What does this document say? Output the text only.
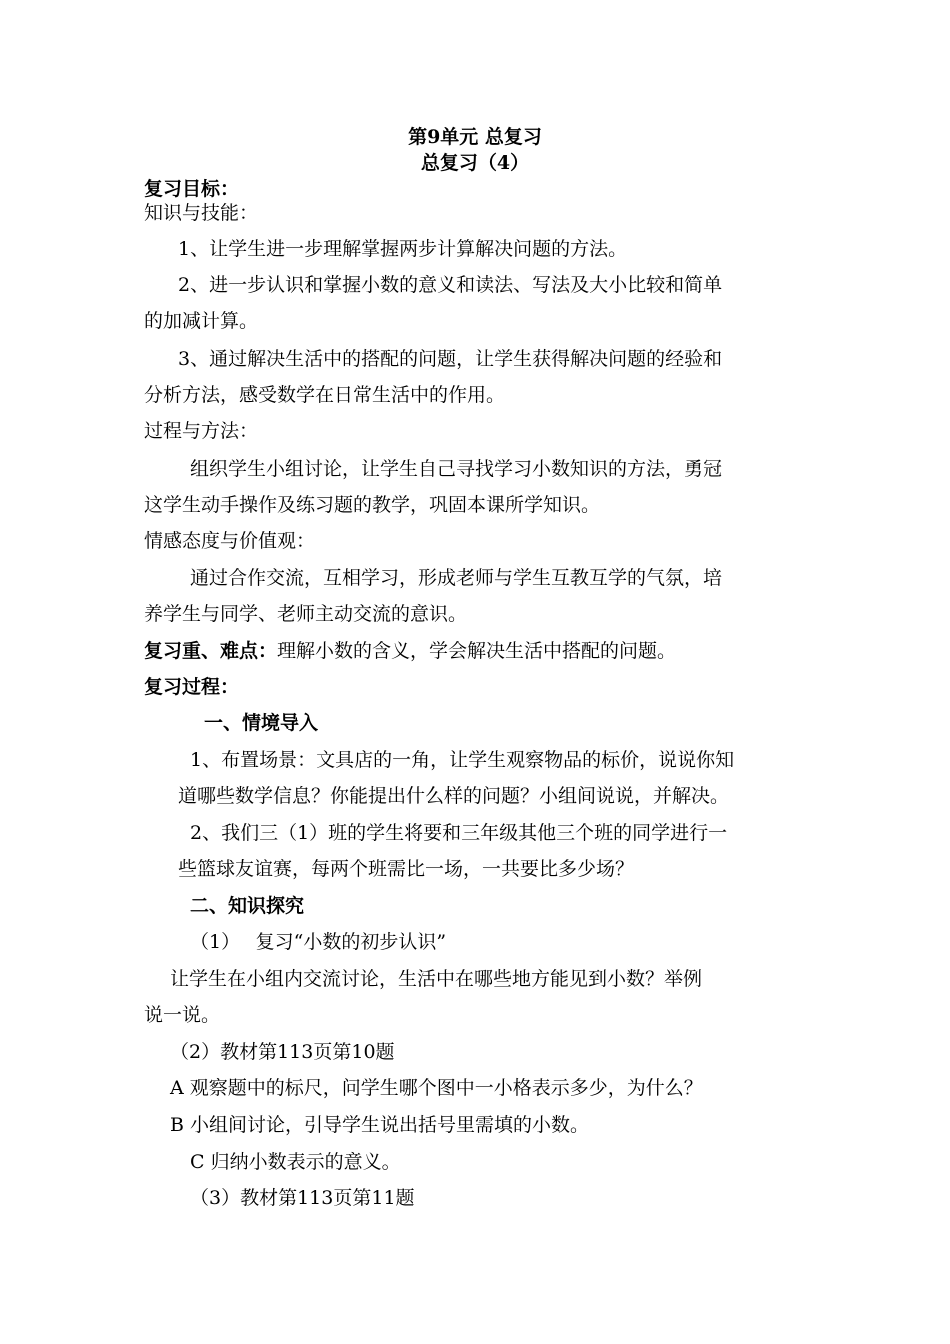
第9单元 总复习

总复习（4）

复习目标：

知识与技能：

1、让学生进一步理解掌握两步计算解决问题的方法。

2、进一步认识和掌握小数的意义和读法、写法及大小比较和简单

的加减计算。

3、通过解决生活中的搭配的问题，让学生获得解决问题的经验和

分析方法，感受数学在日常生活中的作用。

过程与方法：

组织学生小组讨论，让学生自己寻找学习小数知识的方法，勇冠

这学生动手操作及练习题的教学，巩固本课所学知识。

情感态度与价值观：

通过合作交流，互相学习，形成老师与学生互教互学的气氛，培

养学生与同学、老师主动交流的意识。

复习重、难点：理解小数的含义，学会解决生活中搭配的问题。

复习过程：

一、情境导入

1、布置场景：文具店的一角，让学生观察物品的标价，说说你知

道哪些数学信息？你能提出什么样的问题？小组间说说，并解决。

2、我们三（1）班的学生将要和三年级其他三个班的同学进行一

些篮球友谊赛，每两个班需比一场，一共要比多少场？

二、知识探究

（1）　 复习“小数的初步认识”

让学生在小组内交流讨论，生活中在哪些地方能见到小数？举例

说一说。

（2）教材第113页第10题

A 观察题中的标尺，问学生哪个图中一小格表示多少，为什么？

B 小组间讨论，引导学生说出括号里需填的小数。

C 归纳小数表示的意义。

（3）教材第113页第11题
